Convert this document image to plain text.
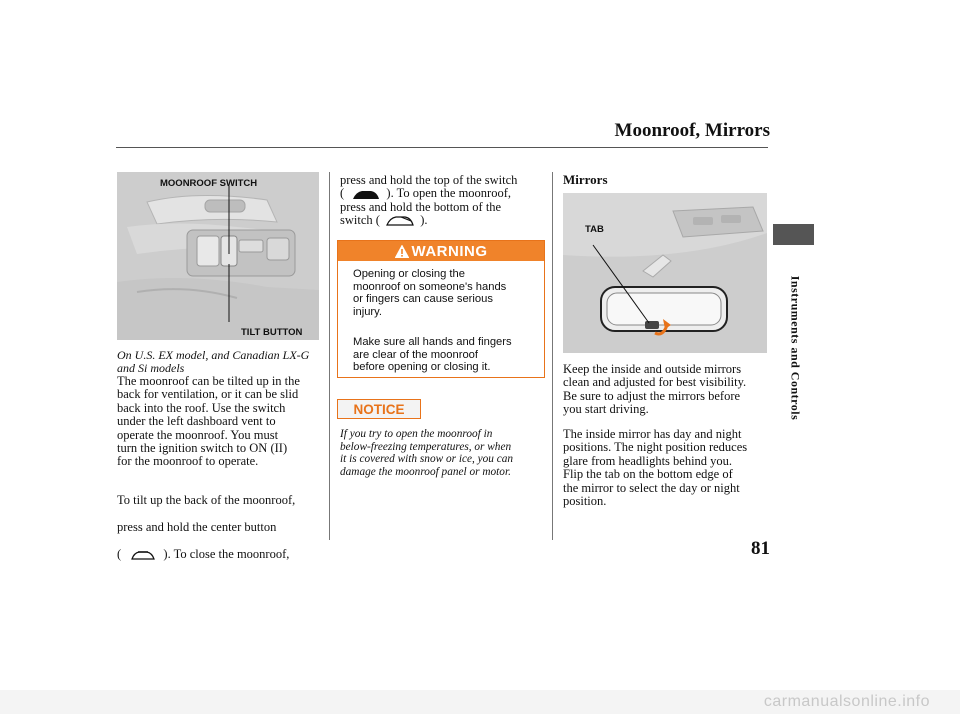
Moonroof, Mirrors
Instruments and Controls
MOONROOF SWITCH
TILT BUTTON
On U.S. EX model, and Canadian LX-G and Si models
The moonroof can be tilted up in the
back for ventilation, or it can be slid
back into the roof. Use the switch
under the left dashboard vent to
operate the moonroof. You must
turn the ignition switch to ON (II)
for the moonroof to operate.

To tilt up the back of the moonroof,

press and hold the center button

(	). To close the moonroof,

press and hold the top of the switch
(	). To open the moonroof,
press and hold the bottom of the
switch (	).
WARNING
Opening or closing the
moonroof on someone's hands
or fingers can cause serious
injury.
Make sure all hands and fingers
are clear of the moonroof
before opening or closing it.
NOTICE
If you try to open the moonroof in
below-freezing temperatures, or when
it is covered with snow or ice, you can
damage the moonroof panel or motor.
Mirrors
TAB
Keep the inside and outside mirrors
clean and adjusted for best visibility.
Be sure to adjust the mirrors before
you start driving.
The inside mirror has day and night
positions. The night position reduces
glare from headlights behind you.
Flip the tab on the bottom edge of
the mirror to select the day or night
position.
81
carmanualsonline.info
